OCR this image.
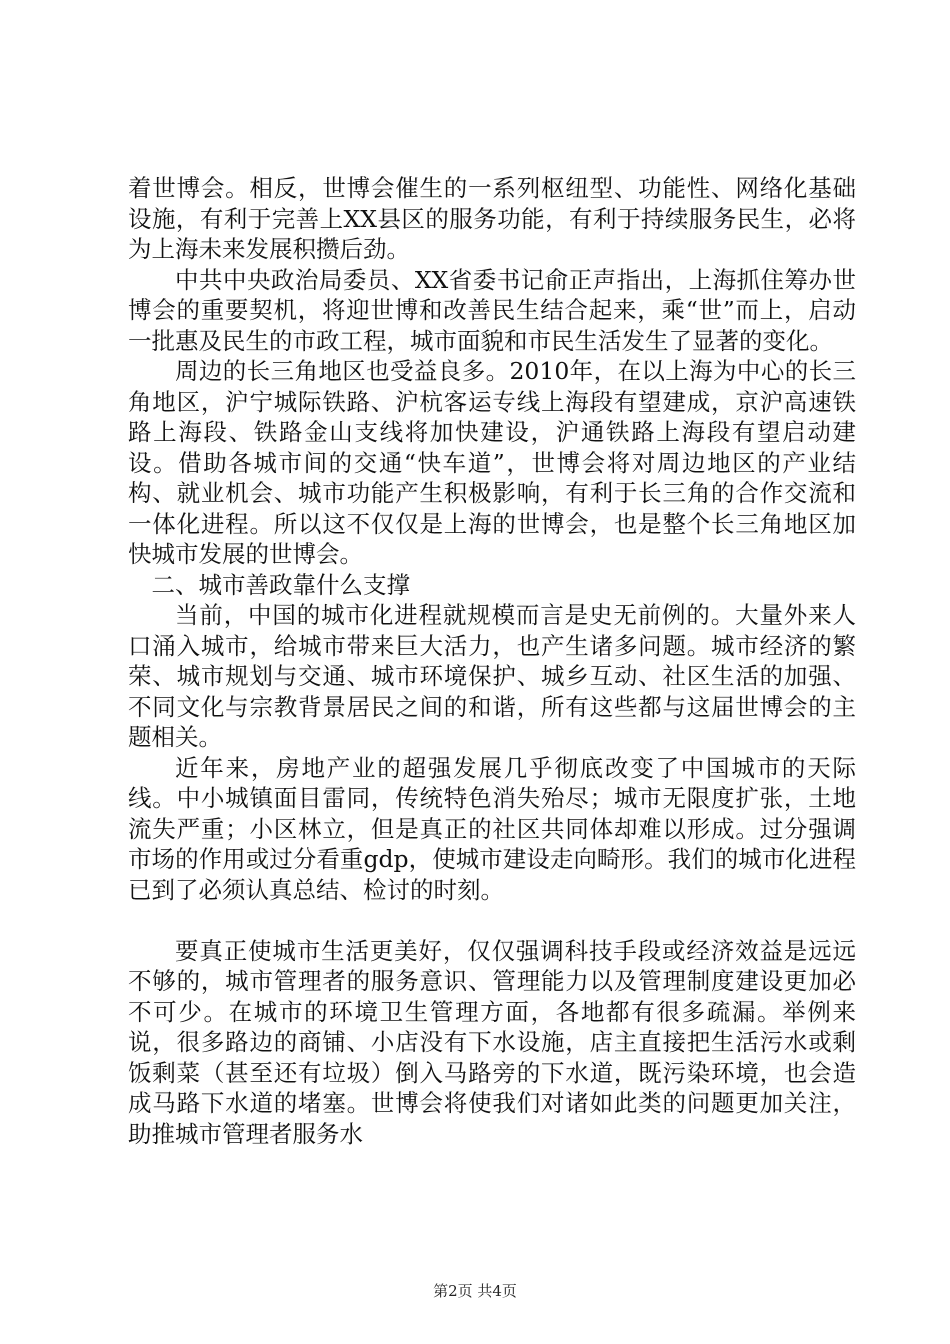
着世博会。相反，世博会催生的一系列枢纽型、功能性、网络化基础设施，有利于完善上XX县区的服务功能，有利于持续服务民生，必将为上海未来发展积攒后劲。

中共中央政治局委员、XX省委书记俞正声指出，上海抓住筹办世博会的重要契机，将迎世博和改善民生结合起来，乘“世”而上，启动一批惠及民生的市政工程，城市面貌和市民生活发生了显著的变化。

周边的长三角地区也受益良多。2010年，在以上海为中心的长三角地区，沪宁城际铁路、沪杭客运专线上海段有望建成，京沪高速铁路上海段、铁路金山支线将加快建设，沪通铁路上海段有望启动建设。借助各城市间的交通“快车道”，世博会将对周边地区的产业结构、就业机会、城市功能产生积极影响，有利于长三角的合作交流和一体化进程。所以这不仅仅是上海的世博会，也是整个长三角地区加快城市发展的世博会。

二、城市善政靠什么支撑

当前，中国的城市化进程就规模而言是史无前例的。大量外来人口涌入城市，给城市带来巨大活力，也产生诸多问题。城市经济的繁荣、城市规划与交通、城市环境保护、城乡互动、社区生活的加强、不同文化与宗教背景居民之间的和谐，所有这些都与这届世博会的主题相关。

近年来，房地产业的超强发展几乎彻底改变了中国城市的天际线。中小城镇面目雷同，传统特色消失殆尽；城市无限度扩张，土地流失严重；小区林立，但是真正的社区共同体却难以形成。过分强调市场的作用或过分看重gdp，使城市建设走向畸形。我们的城市化进程已到了必须认真总结、检讨的时刻。

要真正使城市生活更美好，仅仅强调科技手段或经济效益是远远不够的，城市管理者的服务意识、管理能力以及管理制度建设更加必不可少。在城市的环境卫生管理方面，各地都有很多疏漏。举例来说，很多路边的商铺、小店没有下水设施，店主直接把生活污水或剩饭剩菜（甚至还有垃圾）倒入马路旁的下水道，既污染环境，也会造成马路下水道的堵塞。世博会将使我们对诸如此类的问题更加关注，助推城市管理者服务水

第2页 共4页
